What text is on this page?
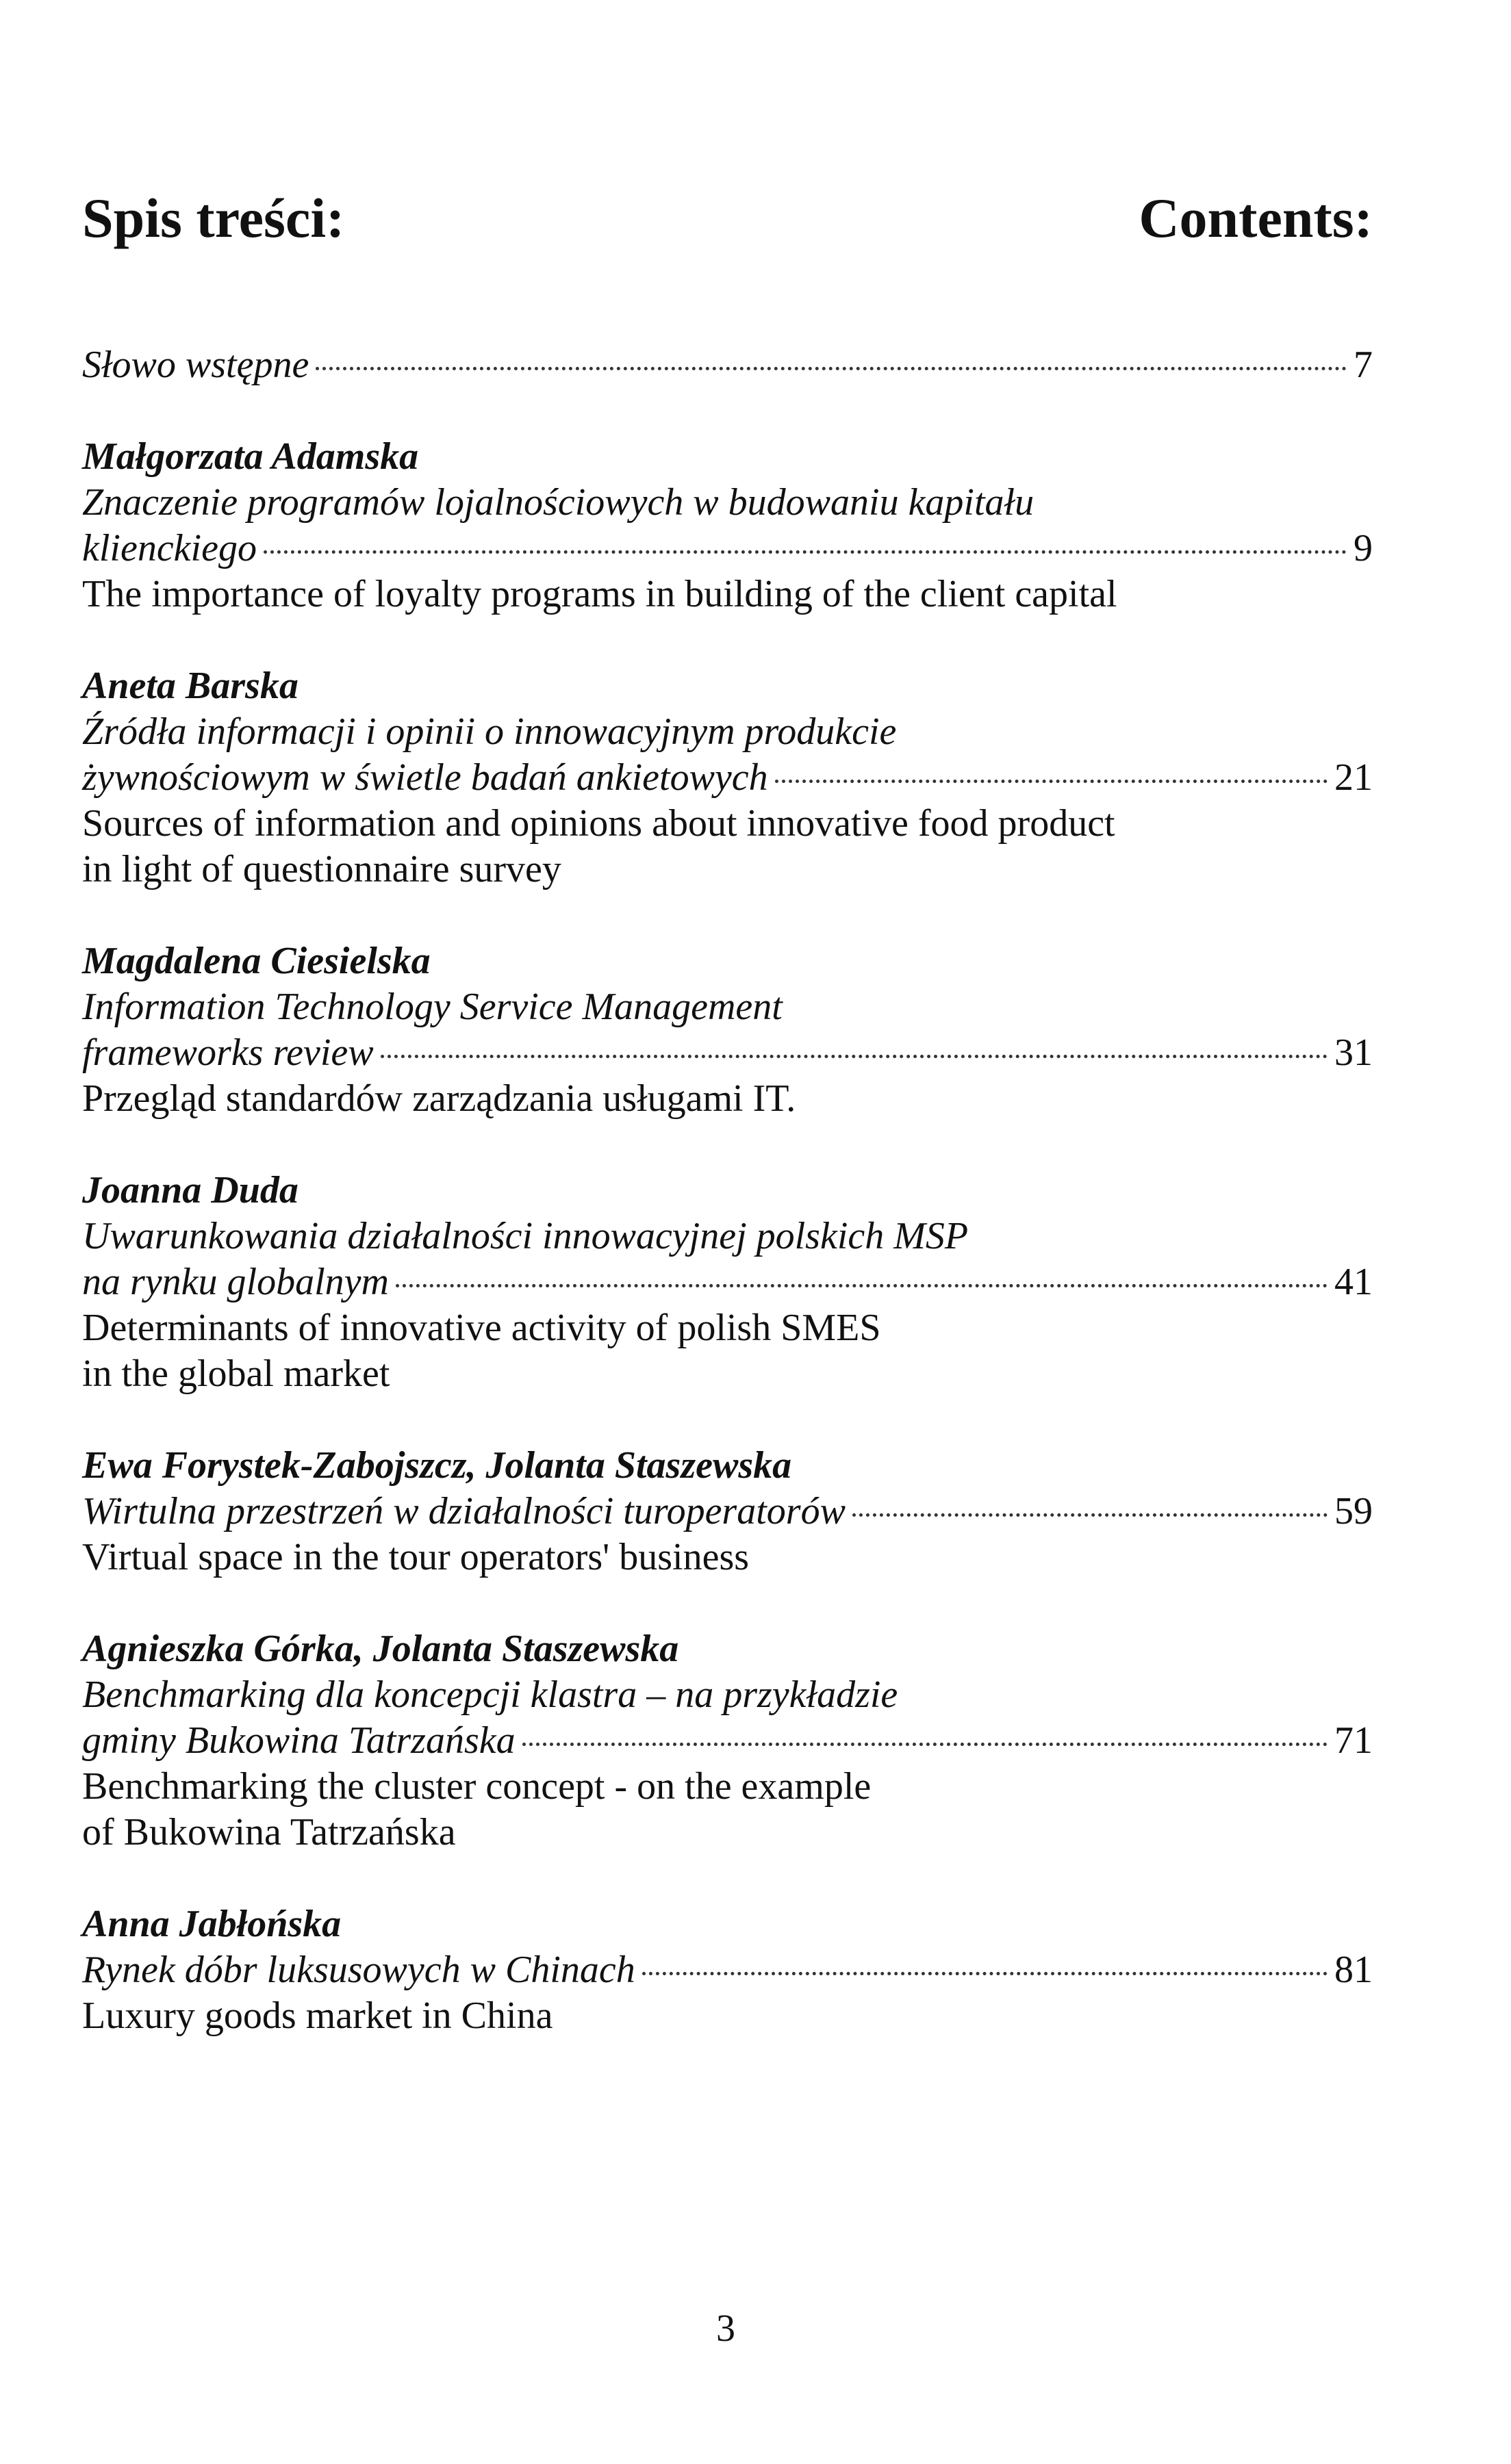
Spis treści:	Contents:
Słowo wstępne	7
Małgorzata Adamska
Znaczenie programów lojalnościowych w budowaniu kapitału
klienckiego	9
The importance of loyalty programs in building of the client capital
Aneta Barska
Źródła informacji i opinii o innowacyjnym produkcie
żywnościowym w świetle badań ankietowych	21
Sources of information and opinions about innovative food product
in light of questionnaire survey
Magdalena Ciesielska
Information Technology Service Management
frameworks review	31
Przegląd standardów zarządzania usługami IT.
Joanna Duda
Uwarunkowania działalności innowacyjnej polskich MSP
na rynku globalnym	41
Determinants of innovative activity of polish SMES
in the global market
Ewa Forystek-Zabojszcz, Jolanta Staszewska
Wirtulna przestrzeń w działalności turoperatorów	59
Virtual space in the tour operators' business
Agnieszka Górka, Jolanta Staszewska
Benchmarking dla koncepcji klastra – na przykładzie
gminy Bukowina Tatrzańska	71
Benchmarking the cluster concept - on the example
of Bukowina Tatrzańska
Anna Jabłońska
Rynek dóbr luksusowych w Chinach	81
Luxury goods market in China
3
